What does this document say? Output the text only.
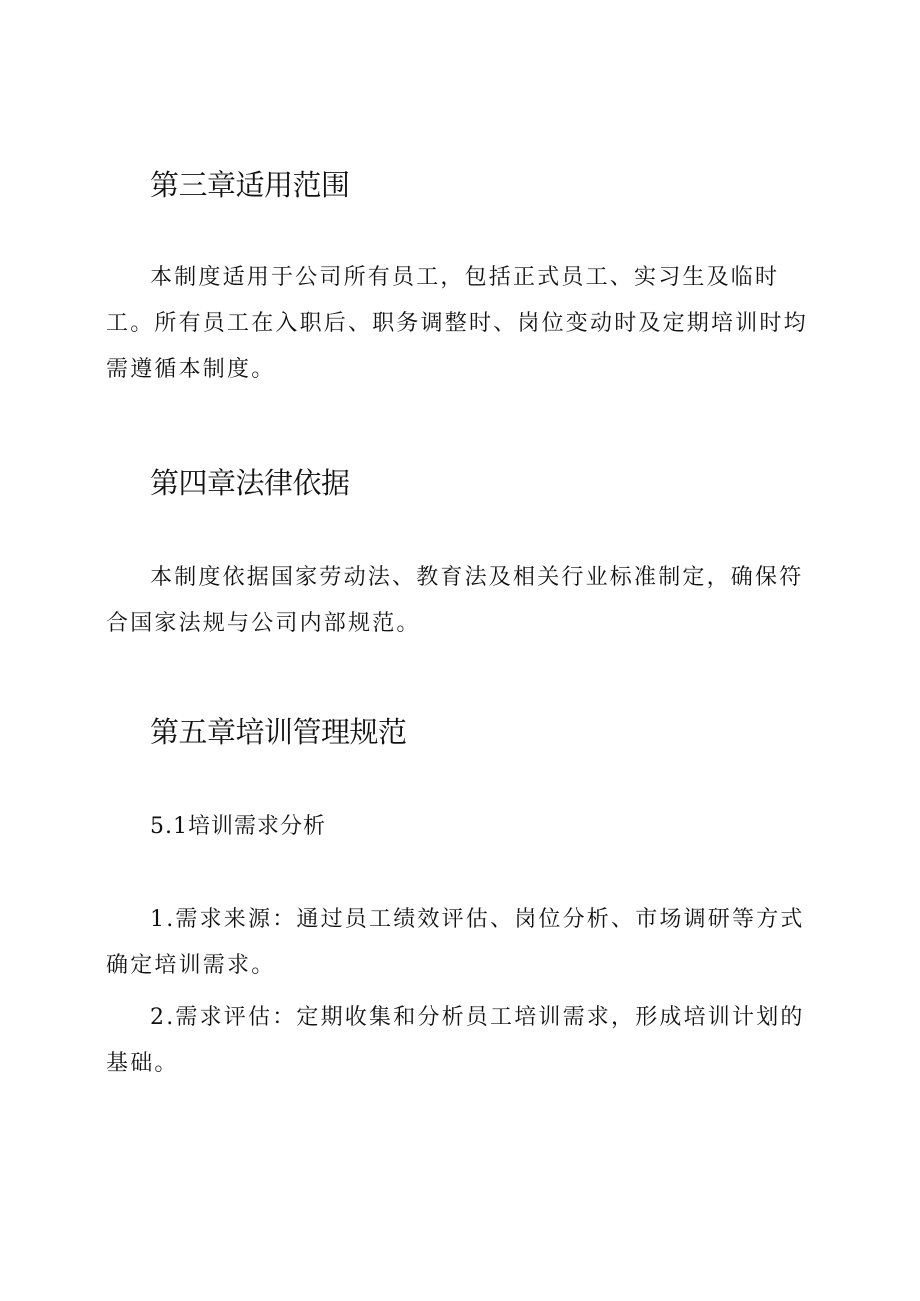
第三章适用范围

本制度适用于公司所有员工，包括正式员工、实习生及临时工。所有员工在入职后、职务调整时、岗位变动时及定期培训时均需遵循本制度。

第四章法律依据

本制度依据国家劳动法、教育法及相关行业标准制定，确保符合国家法规与公司内部规范。

第五章培训管理规范

5.1培训需求分析

1.需求来源：通过员工绩效评估、岗位分析、市场调研等方式确定培训需求。

2.需求评估：定期收集和分析员工培训需求，形成培训计划的基础。
